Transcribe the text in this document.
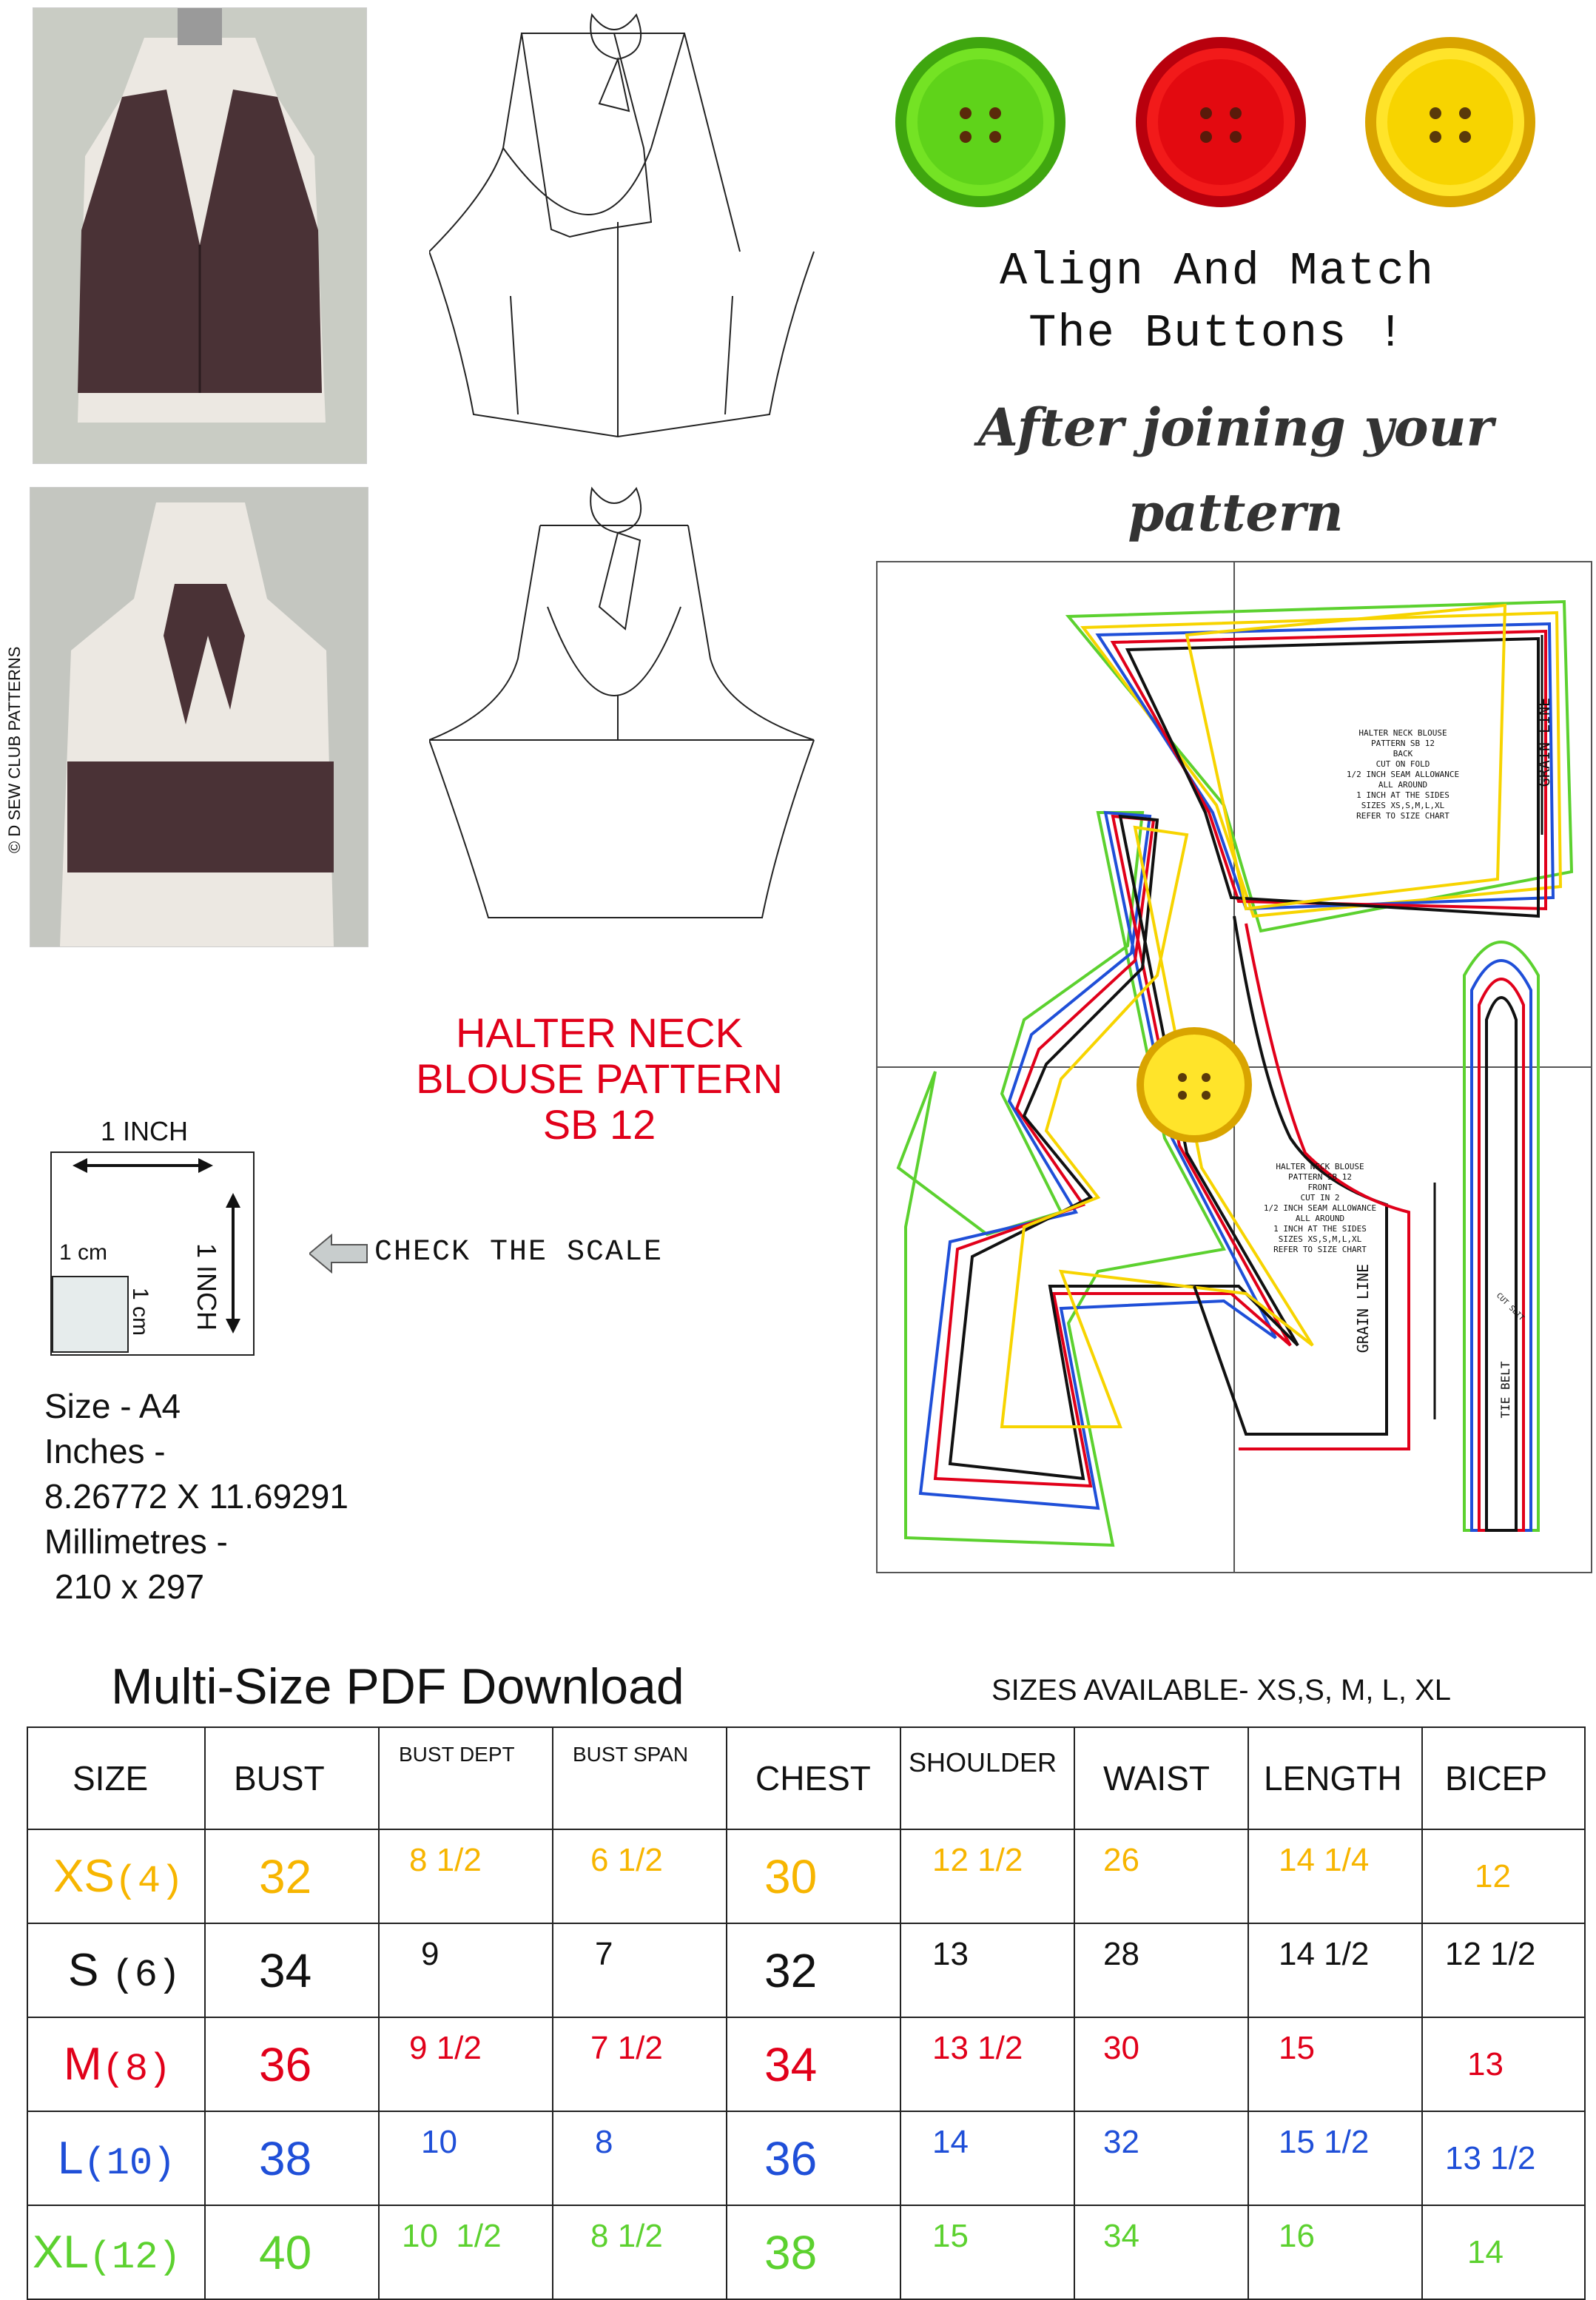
© D SEW CLUB PATTERNS
Align And Match
The Buttons !
After joining your pattern
HALTER NECK BLOUSE
PATTERN SB 12
BACK
CUT ON FOLD
1/2 INCH SEAM ALLOWANCE
ALL AROUND
1 INCH AT THE SIDES
SIZES XS,S,M,L,XL
REFER TO SIZE CHART
HALTER NECK BLOUSE
PATTERN SB 12
FRONT
CUT IN 2
1/2 INCH SEAM ALLOWANCE
ALL AROUND
1 INCH AT THE SIDES
SIZES XS,S,M,L,XL
REFER TO SIZE CHART
GRAIN LINE
GRAIN LINE
TIE BELT
CUT SLIT
HALTER NECK
BLOUSE PATTERN
SB 12
1 INCH
1 INCH
1 cm
1 cm
CHECK THE SCALE
Size - A4
Inches -
8.26772 X 11.69291
Millimetres -
210 x 297
Multi-Size PDF Download	SIZES AVAILABLE- XS,S, M, L, XL
SIZE	BUST	BUST DEPT	BUST SPAN	CHEST	SHOULDER	WAIST	LENGTH	BICEP
XS(4)	32	8 1/2	6 1/2	30	12 1/2	26	14 1/4	12
S (6)	34	9	7	32	13	28	14 1/2	12 1/2
M(8)	36	9 1/2	7 1/2	34	13 1/2	30	15	13
L(10)	38	10	8	36	14	32	15 1/2	13 1/2
XL(12)	40	10  1/2	8 1/2	38	15	34	16	14
